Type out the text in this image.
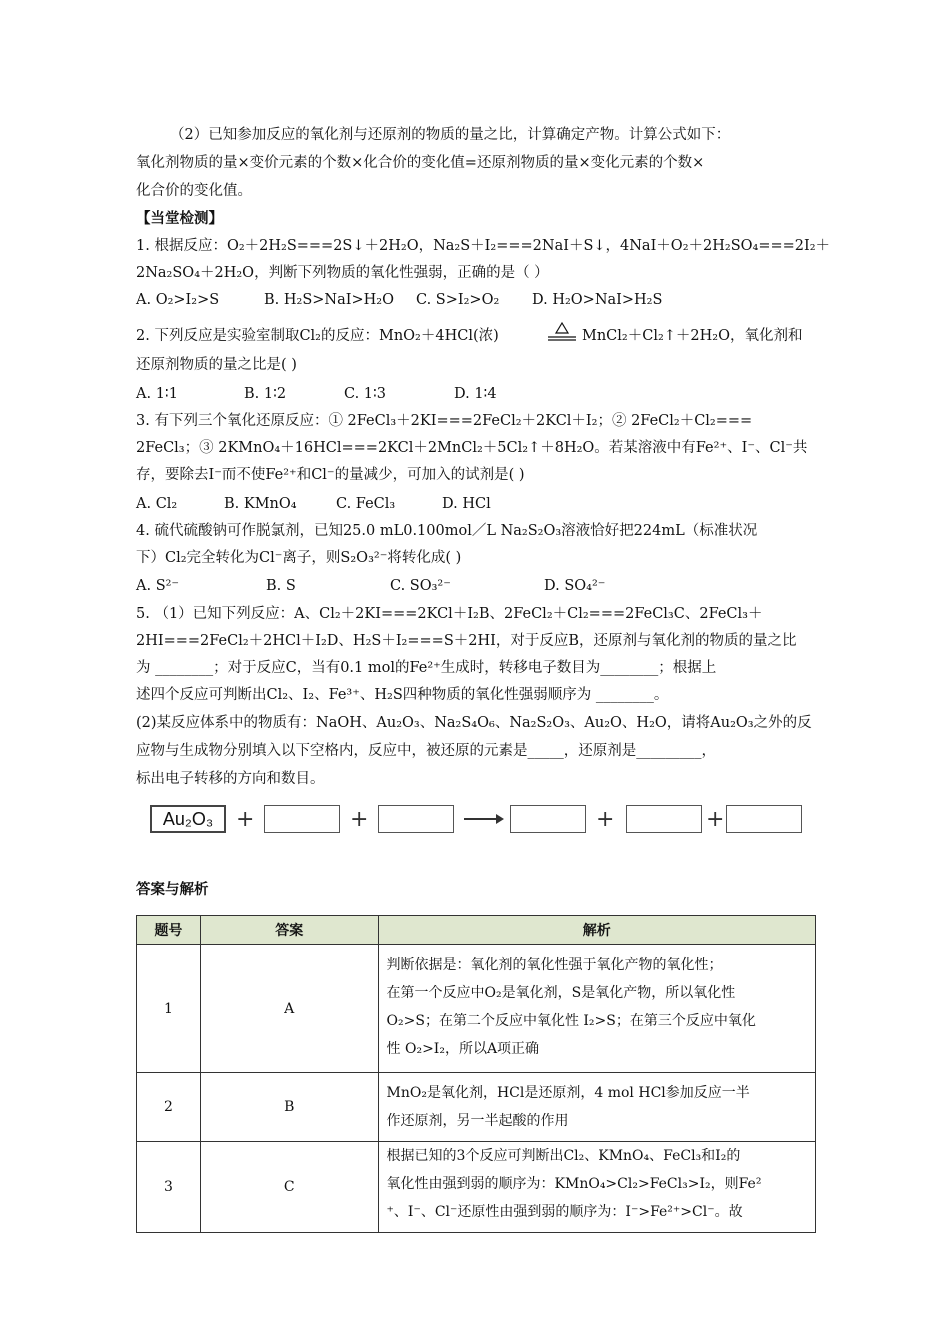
（2）已知参加反应的氧化剂与还原剂的物质的量之比，计算确定产物。计算公式如下：
氧化剂物质的量×变价元素的个数×化合价的变化值=还原剂物质的量×变化元素的个数×
化合价的变化值。
【当堂检测】
1. 根据反应：O₂＋2H₂S===2S↓＋2H₂O，Na₂S＋I₂===2NaI＋S↓，4NaI＋O₂＋2H₂SO₄===2I₂＋
2Na₂SO₄＋2H₂O，判断下列物质的氧化性强弱，正确的是（ ）
A. O₂>I₂>S	B. H₂S>NaI>H₂O C. S>I₂>O₂ D. H₂O>NaI>H₂S
2. 下列反应是实验室制取Cl₂的反应：MnO₂＋4HCl(浓)	MnCl₂＋Cl₂↑＋2H₂O，氧化剂和
还原剂物质的量之比是( )
A. 1∶1	B. 1∶2	C. 1∶3	D. 1∶4
3. 有下列三个氧化还原反应：① 2FeCl₃＋2KI===2FeCl₂＋2KCl＋I₂；② 2FeCl₂＋Cl₂===
2FeCl₃；③ 2KMnO₄＋16HCl===2KCl＋2MnCl₂＋5Cl₂↑＋8H₂O。若某溶液中有Fe²⁺、I⁻、Cl⁻共
存，要除去I⁻而不使Fe²⁺和Cl⁻的量减少，可加入的试剂是( )
A. Cl₂	B. KMnO₄	C. FeCl₃	D. HCl
4. 硫代硫酸钠可作脱氯剂，已知25.0 mL0.100mol／L Na₂S₂O₃溶液恰好把224mL（标准状况
下）Cl₂完全转化为Cl⁻离子，则S₂O₃²⁻将转化成( )
A. S²⁻	B. S	C. SO₃²⁻	D. SO₄²⁻
5. （1）已知下列反应：A、Cl₂＋2KI===2KCl＋I₂B、2FeCl₂＋Cl₂===2FeCl₃C、2FeCl₃＋
2HI===2FeCl₂＋2HCl＋I₂D、H₂S＋I₂===S＋2HI，对于反应B，还原剂与氧化剂的物质的量之比
为 ________；对于反应C，当有0.1 mol的Fe²⁺生成时，转移电子数目为________；根据上
述四个反应可判断出Cl₂、I₂、Fe³⁺、H₂S四种物质的氧化性强弱顺序为 ________。
(2)某反应体系中的物质有：NaOH、Au₂O₃、Na₂S₄O₆、Na₂S₂O₃、Au₂O、H₂O，请将Au₂O₃之外的反
应物与生成物分别填入以下空格内，反应中，被还原的元素是_____，还原剂是_________，
标出电子转移的方向和数目。
Au₂O₃	+	+	+	+
答案与解析
题号	答案	解析
1	A	判断依据是：氧化剂的氧化性强于氧化产物的氧化性；
在第一个反应中O₂是氧化剂，S是氧化产物，所以氧化性
O₂>S；在第二个反应中氧化性 I₂>S；在第三个反应中氧化
性 O₂>I₂，所以A项正确

2	B	MnO₂是氧化剂，HCl是还原剂，4 mol HCl参加反应一半
作还原剂，另一半起酸的作用

3	C	根据已知的3个反应可判断出Cl₂、KMnO₄、FeCl₃和I₂的
氧化性由强到弱的顺序为：KMnO₄>Cl₂>FeCl₃>I₂，则Fe²
⁺、I⁻、Cl⁻还原性由强到弱的顺序为：I⁻>Fe²⁺>Cl⁻。故
